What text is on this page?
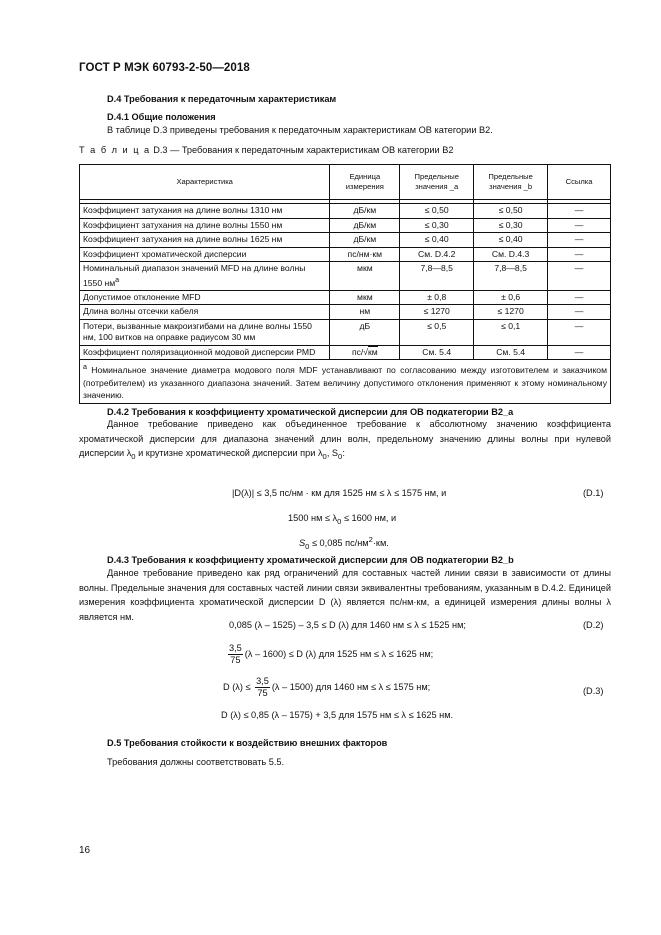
ГОСТ Р МЭК 60793-2-50—2018
D.4 Требования к передаточным характеристикам
D.4.1 Общие положения
В таблице D.3 приведены требования к передаточным характеристикам ОВ категории В2.
Т а б л и ц а D.3 — Требования к передаточным характеристикам ОВ категории В2
Характеристика	Единица измерения	Предельные значения _a	Предельные значения _b	Ссылка

Коэффициент затухания на длине волны 1310 нм	дБ/км	≤ 0,50	≤ 0,50	—
Коэффициент затухания на длине волны 1550 нм	дБ/км	≤ 0,30	≤ 0,30	—
Коэффициент затухания на длине волны 1625 нм	дБ/км	≤ 0,40	≤ 0,40	—
Коэффициент хроматической дисперсии	пс/нм·км	См. D.4.2	См. D.4.3	—
Номинальный диапазон значений MFD на длине волны 1550 $нм^a$	мкм	7,8—8,5	7,8—8,5	—
Допустимое отклонение MFD	мкм	± 0,8	± 0,6	—
Длина волны отсечки кабеля	нм	≤ 1270	≤ 1270	—
Потери, вызванные макроизгибами на длине волны 1550 нм, 100 витков на оправке радиусом 30 мм	дБ	≤ 0,5	≤ 0,1	—
Коэффициент поляризационной модовой дисперсии PMD	пс/√км	См. 5.4	См. 5.4	—
$^a$ Номинальное значение диаметра модового поля MDF устанавливают по согласованию между изготовителем и заказчиком (потребителем) из указанного диапазона значений. Затем величину допустимого отклонения применяют к этому номинальному значению.				
D.4.2 Требования к коэффициенту хроматической дисперсии для ОВ подкатегории В2_а
Данное требование приведено как объединенное требование к абсолютному значению коэффициента хроматической дисперсии для диапазона значений длин волн, предельному значению длины волны при нулевой дисперсии $\lambda_0$ и крутизне хроматической дисперсии при $\lambda_0$, $S_0$:
|D(λ)| ≤ 3,5 пс/нм · км для 1525 нм ≤ λ ≤ 1575 нм, и	(D.1)
1500 нм ≤ $\lambda_0 \le 1600$ нм, и
$S_0 \le 0,085$ $пс/нм^2\cdot км$.
D.4.3 Требования к коэффициенту хроматической дисперсии для ОВ подкатегории В2_b
Данное требование приведено как ряд ограничений для составных частей линии связи в зависимости от длины волны. Предельные значения для составных частей линии связи эквивалентны требованиям, указанным в D.4.2. Единицей измерения коэффициента хроматической дисперсии D (λ) является пс/нм·км, а единицей измерения длины волны λ является нм.
0,085 (λ – 1525) – 3,5 ≤ D (λ) для 1460 нм ≤ λ ≤ 1525 нм;	(D.2)
$\frac{3,5}{75} (\lambda - 1600) \le D$ (λ) для 1525 нм ≤ λ ≤ 1625 нм;
D $(\lambda) \le \frac{3,5}{75} (\lambda - 1500)$ для 1460 нм ≤ λ ≤ 1575 нм;	(D.3)
D (λ) ≤ 0,85 (λ – 1575) + 3,5 для 1575 нм ≤ λ ≤ 1625 нм.
D.5 Требования стойкости к воздействию внешних факторов
Требования должны соответствовать 5.5.
16
